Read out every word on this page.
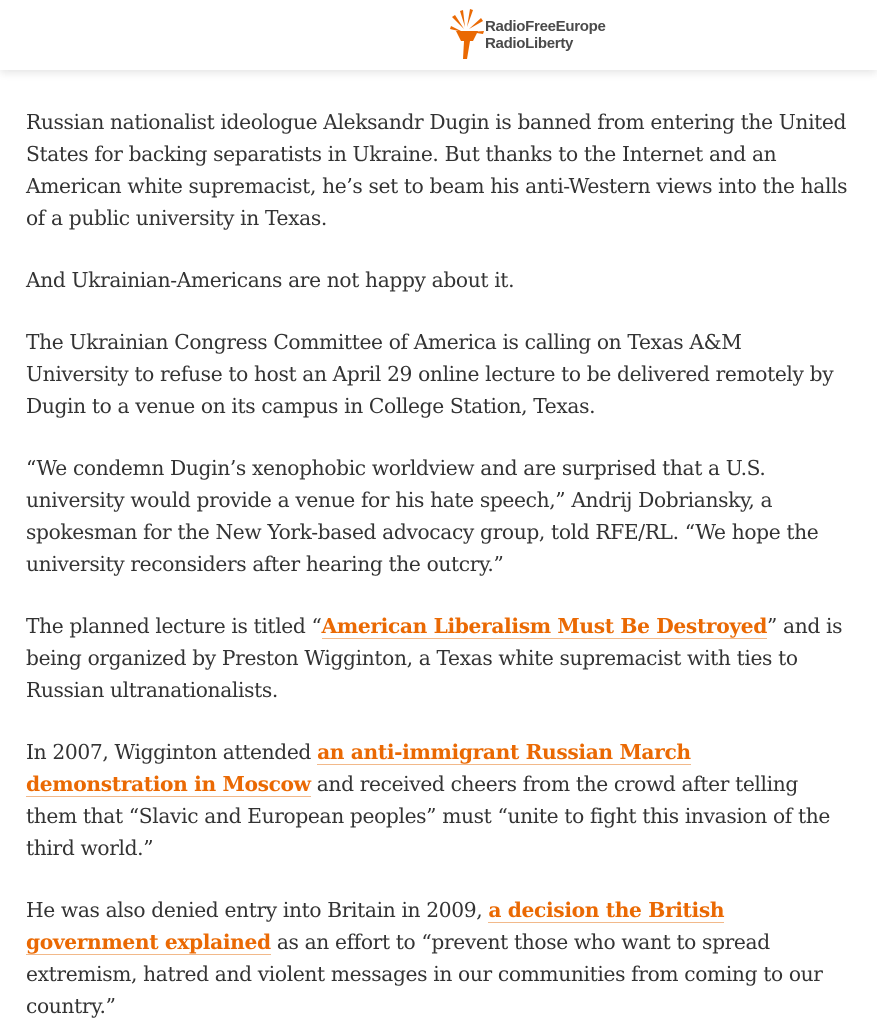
RadioFreeEurope
RadioLiberty

Russian nationalist ideologue Aleksandr Dugin is banned from entering the United States for backing separatists in Ukraine. But thanks to the Internet and an American white supremacist, he’s set to beam his anti-Western views into the halls of a public university in Texas.

And Ukrainian-Americans are not happy about it.

The Ukrainian Congress Committee of America is calling on Texas A&M University to refuse to host an April 29 online lecture to be delivered remotely by Dugin to a venue on its campus in College Station, Texas.

“We condemn Dugin’s xenophobic worldview and are surprised that a U.S. university would provide a venue for his hate speech,” Andrij Dobriansky, a spokesman for the New York-based advocacy group, told RFE/RL. “We hope the university reconsiders after hearing the outcry.”

The planned lecture is titled “American Liberalism Must Be Destroyed” and is being organized by Preston Wigginton, a Texas white supremacist with ties to Russian ultranationalists.

In 2007, Wigginton attended an anti-immigrant Russian March demonstration in Moscow and received cheers from the crowd after telling them that “Slavic and European peoples” must “unite to fight this invasion of the third world.”

He was also denied entry into Britain in 2009, a decision the British government explained as an effort to “prevent those who want to spread extremism, hatred and violent messages in our communities from coming to our country.”
